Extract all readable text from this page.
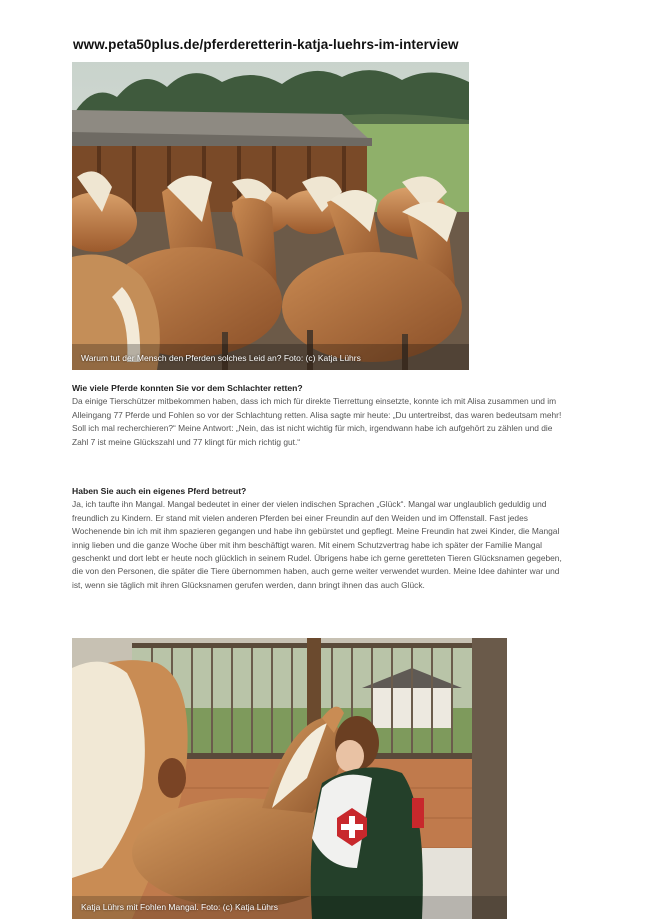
www.peta50plus.de/pferderetterin-katja-luehrs-im-interview
Warum tut der Mensch den Pferden solches Leid an? Foto: (c) Katja Lührs
Wie viele Pferde konnten Sie vor dem Schlachter retten?

Da einige Tierschützer mitbekommen haben, dass ich mich für direkte Tierrettung einsetzte, konnte ich mit Alisa zusammen und im Alleingang 77 Pferde und Fohlen so vor der Schlachtung retten. Alisa sagte mir heute: „Du untertreibst, das waren bedeutsam mehr! Soll ich mal recherchieren?“ Meine Antwort: „Nein, das ist nicht wichtig für mich, irgendwann habe ich aufgehört zu zählen und die Zahl 7 ist meine Glückszahl und 77 klingt für mich richtig gut.“

Haben Sie auch ein eigenes Pferd betreut?

Ja, ich taufte ihn Mangal. Mangal bedeutet in einer der vielen indischen Sprachen „Glück“. Mangal war unglaublich geduldig und freundlich zu Kindern. Er stand mit vielen anderen Pferden bei einer Freundin auf den Weiden und im Offenstall. Fast jedes Wochenende bin ich mit ihm spazieren gegangen und habe ihn gebürstet und gepflegt. Meine Freundin hat zwei Kinder, die Mangal innig lieben und die ganze Woche über mit ihm beschäftigt waren. Mit einem Schutzvertrag habe ich später der Familie Mangal geschenkt und dort lebt er heute noch glücklich in seinem Rudel. Übrigens habe ich gerne geretteten Tieren Glücksnamen gegeben, die von den Personen, die später die Tiere übernommen haben, auch gerne weiter verwendet wurden. Meine Idee dahinter war und ist, wenn sie täglich mit ihren Glücksnamen gerufen werden, dann bringt ihnen das auch Glück.

Katja Lührs mit Fohlen Mangal. Foto: (c) Katja Lührs
